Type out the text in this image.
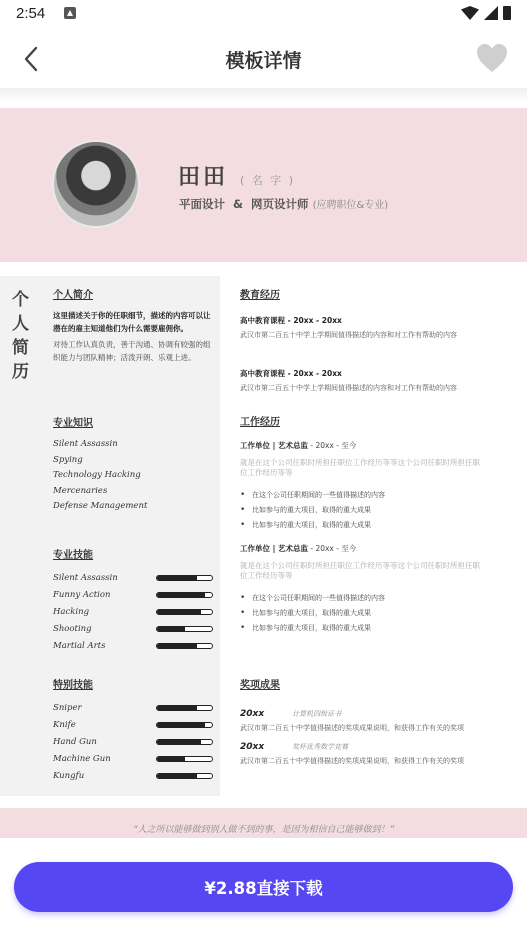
2:54
模板详情
田田 ( 名 字 )
平面设计  &  网页设计师 (应聘职位&专业)
个
人
简
历
个人简介
这里描述关于你的任职细节，描述的内容可以让潜在的雇主知道他们为什么需要雇佣你。
对待工作认真负责，善于沟通、协调有较强的组织能力与团队精神；活泼开朗、乐观上进。
专业知识
Silent Assassin
Spying
Technology Hacking
Mercenaries
Defense Management
专业技能
Silent Assassin
Funny Action
Hacking
Shooting
Martial Arts
特别技能
Sniper
Knife
Hand Gun
Machine Gun
Kungfu
教育经历
高中教育课程 - 20xx - 20xx
武汉市第二百五十中学上学期间值得描述的内容和对工作有帮助的内容
高中教育课程 - 20xx - 20xx
武汉市第二百五十中学上学期间值得描述的内容和对工作有帮助的内容
工作经历
工作单位 | 艺术总监 - 20xx - 至今
就是在这个公司任职时所担任职位工作经历等等这个公司任职时所担任职位工作经历等等
• 在这个公司任职期间的一些值得描述的内容
• 比如参与的重大项目，取得的重大成果
• 比如参与的重大项目，取得的重大成果
工作单位 | 艺术总监 - 20xx - 至今
就是在这个公司任职时所担任职位工作经历等等这个公司任职时所担任职位工作经历等等
• 在这个公司任职期间的一些值得描述的内容
• 比如参与的重大项目，取得的重大成果
• 比如参与的重大项目，取得的重大成果
奖项成果
20xx	计算机四级证书
武汉市第二百五十中学值得描述的奖项成果说明，和获得工作有关的奖项
20xx	奖杯优秀数学竞赛
武汉市第二百五十中学值得描述的奖项成果说明，和获得工作有关的奖项
“人之所以能够做到别人做不到的事，是因为相信自己能够做到！”
¥2.88直接下载
